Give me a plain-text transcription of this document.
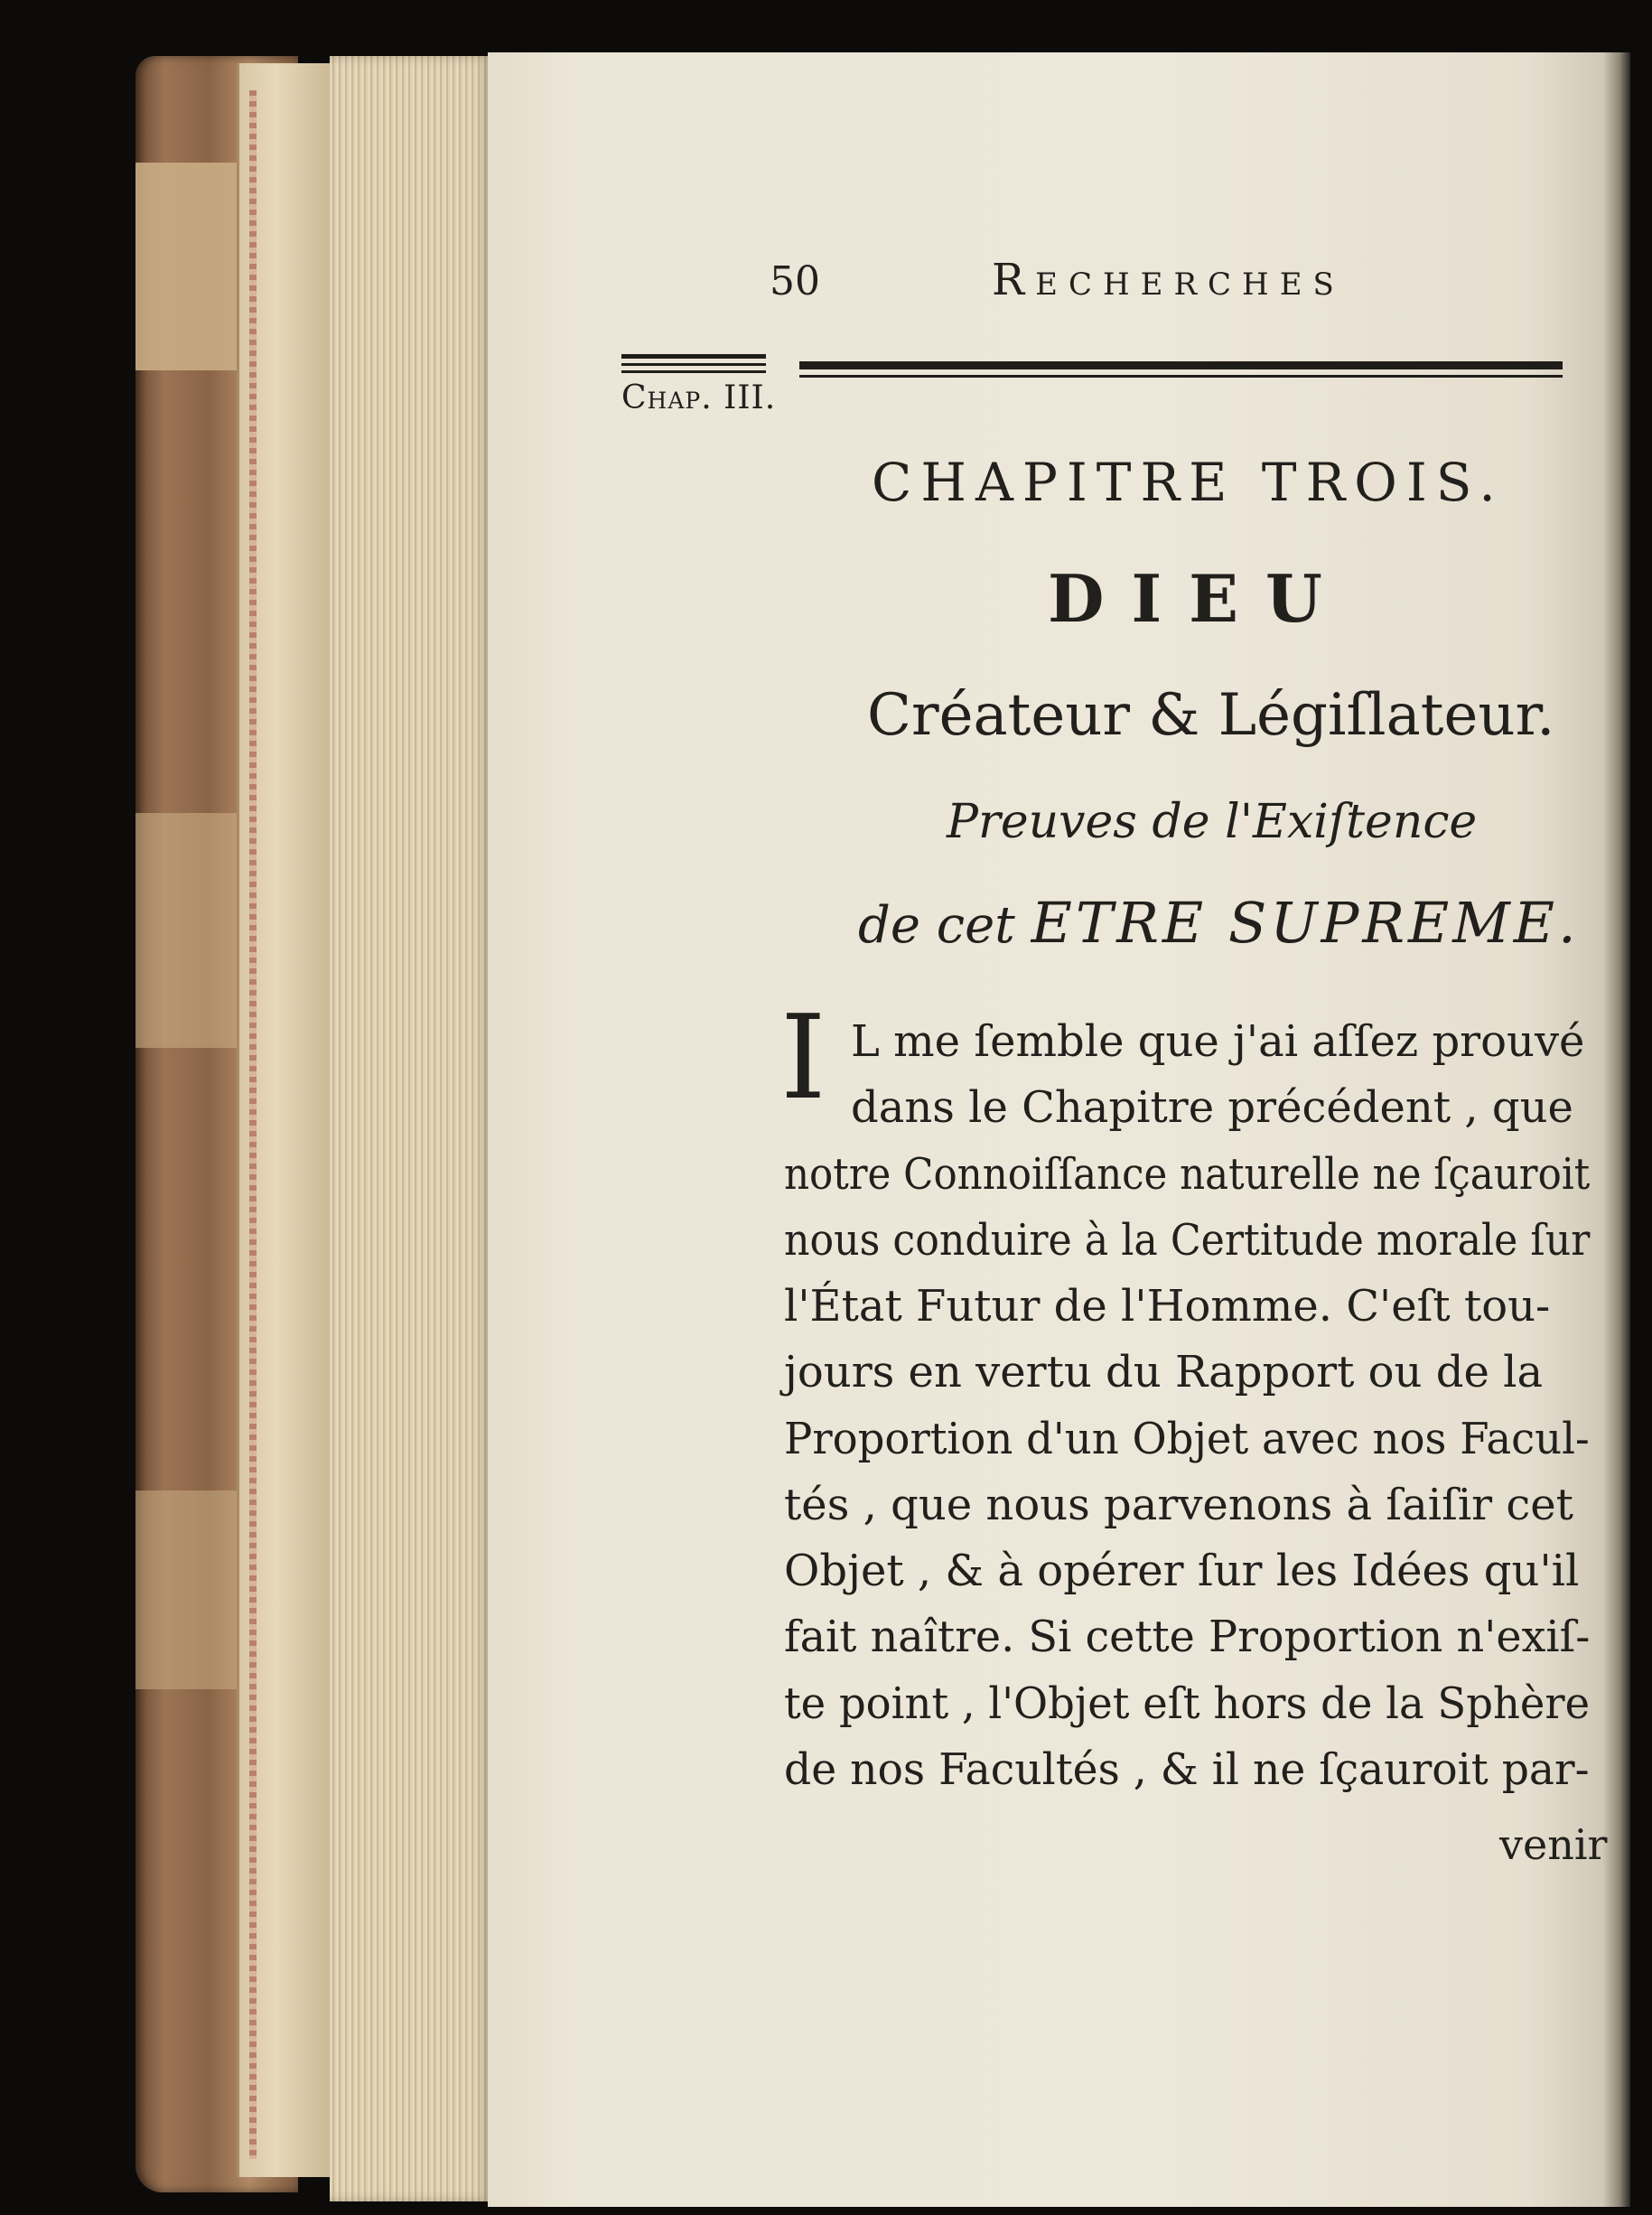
50	Recherches
Chap. III.
CHAPITRE TROIS.
DIEU
Créateur & Légiſlateur.
Preuves de l'Exiſtence
de cet ETRE SUPREME.
I L me ſemble que j'ai aſſez prouvé
dans le Chapitre précédent , que
notre Connoiſſance naturelle ne ſçauroit
nous conduire à la Certitude morale ſur
l'État Futur de l'Homme. C'eſt tou-
jours en vertu du Rapport ou de la
Proportion d'un Objet avec nos Facul-
tés , que nous parvenons à ſaiſir cet
Objet , & à opérer ſur les Idées qu'il
fait naître. Si cette Proportion n'exiſ-
te point , l'Objet eſt hors de la Sphère
de nos Facultés , & il ne ſçauroit par-
venir
